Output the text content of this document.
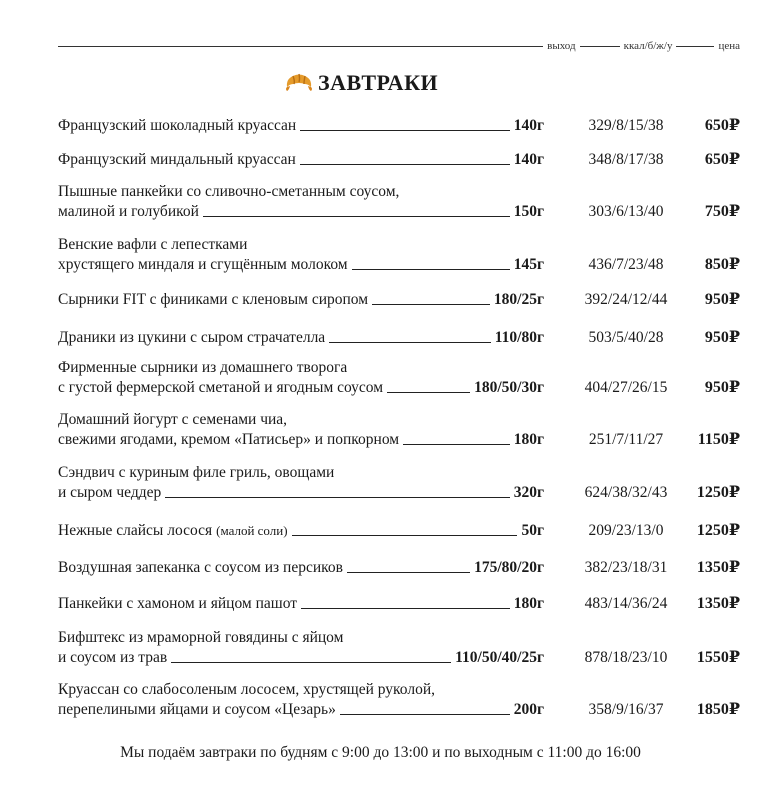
выход	ккал/б/ж/у	цена
ЗАВТРАКИ
Французский шоколадный круассан	140г	329/8/15/38	650₽
Французский миндальный круассан	140г	348/8/17/38	650₽
Пышные панкейки со сливочно-сметанным соусом,
малиной и голубикой	150г	303/6/13/40	750₽
Венские вафли с лепестками
хрустящего миндаля и сгущённым молоком	145г	436/7/23/48	850₽
Сырники FIT с финиками с кленовым сиропом	180/25г	392/24/12/44	950₽
Драники из цукини с сыром страчателла	110/80г	503/5/40/28	950₽
Фирменные сырники из домашнего творога
с густой фермерской сметаной и ягодным соусом	180/50/30г	404/27/26/15	950₽
Домашний йогурт с семенами чиа,
свежими ягодами, кремом «Патисьер» и попкорном	180г	251/7/11/27	1150₽
Сэндвич с куриным филе гриль, овощами
и сыром чеддер	320г	624/38/32/43	1250₽
Нежные слайсы лосося (малой соли)	50г	209/23/13/0	1250₽
Воздушная запеканка с соусом из персиков	175/80/20г	382/23/18/31	1350₽
Панкейки с хамоном и яйцом пашот	180г	483/14/36/24	1350₽
Бифштекс из мраморной говядины с яйцом
и соусом из трав	110/50/40/25г	878/18/23/10	1550₽
Круассан со слабосоленым лососем, хрустящей руколой,
перепелиными яйцами и соусом «Цезарь»	200г	358/9/16/37	1850₽
Мы подаём завтраки по будням с 9:00 до 13:00 и по выходным с 11:00 до 16:00
